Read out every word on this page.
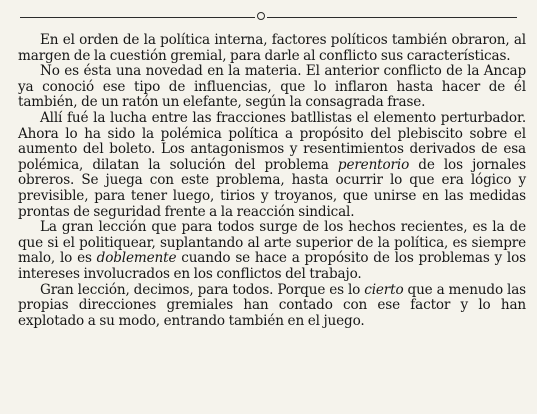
En el orden de la política interna, factores políticos también obraron, al margen de la cuestión gremial, para darle al conflicto sus características.

No es ésta una novedad en la materia. El anterior conflicto de la Ancap ya conoció ese tipo de influencias, que lo inflaron hasta hacer de él también, de un ratón un elefante, según la consagrada frase.

Allí fué la lucha entre las fracciones batllistas el elemento perturbador. Ahora lo ha sido la polémica política a propósito del plebiscito sobre el aumento del boleto. Los antagonismos y resentimientos derivados de esa polémica, dilatan la solución del problema perentorio de los jornales obreros. Se juega con este problema, hasta ocurrir lo que era lógico y previsible, para tener luego, tirios y troyanos, que unirse en las medidas prontas de seguridad frente a la reacción sindical.

La gran lección que para todos surge de los hechos recientes, es la de que si el politiquear, suplantando al arte superior de la política, es siempre malo, lo es doblemente cuando se hace a propósito de los problemas y los intereses involucrados en los conflictos del trabajo.

Gran lección, decimos, para todos. Porque es lo cierto que a menudo las propias direcciones gremiales han contado con ese factor y lo han explotado a su modo, entrando también en el juego.
